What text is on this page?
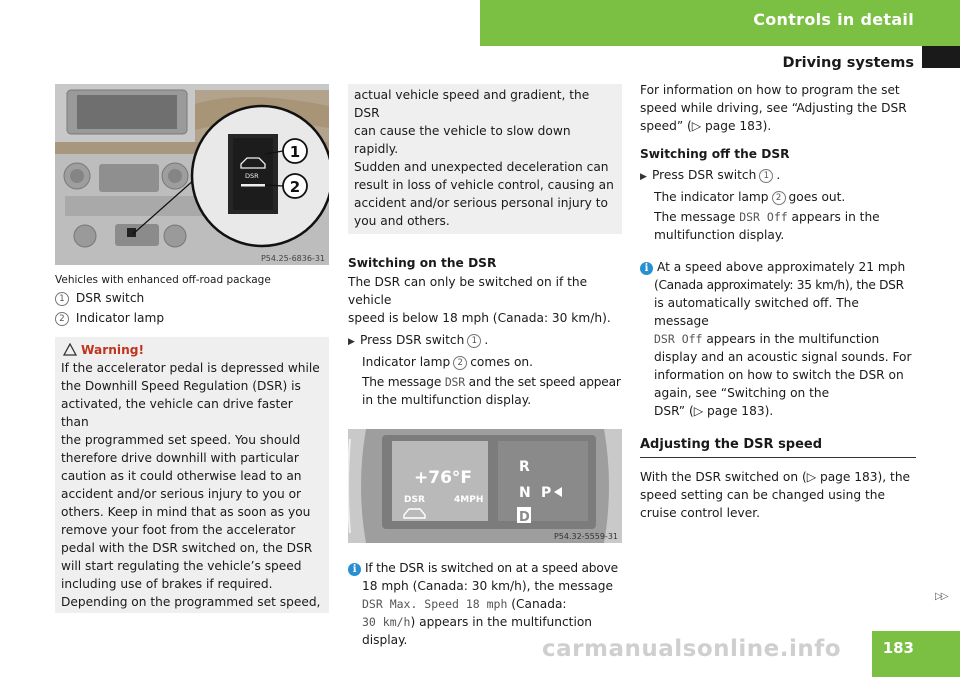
Controls in detail
Driving systems
DSR
1
2
P54.25-6836-31

Vehicles with enhanced off-road package

1 DSR switch

2 Indicator lamp

Warning!

If the accelerator pedal is depressed while

the Downhill Speed Regulation (DSR) is

activated, the vehicle can drive faster than

the programmed set speed. You should

therefore drive downhill with particular

caution as it could otherwise lead to an

accident and/or serious injury to you or

others. Keep in mind that as soon as you

remove your foot from the accelerator

pedal with the DSR switched on, the DSR

will start regulating the vehicle’s speed

including use of brakes if required.

Depending on the programmed set speed,

actual vehicle speed and gradient, the DSR

can cause the vehicle to slow down rapidly.

Sudden and unexpected deceleration can

result in loss of vehicle control, causing an

accident and/or serious personal injury to

you and others.

Switching on the DSR

The DSR can only be switched on if the vehicle

speed is below 18 mph (Canada: 30 km/h).

▶ Press DSR switch 1 .

Indicator lamp 2 comes on.

The message DSR and the set speed appear

in the multifunction display.

+76°F
DSR	4MPH
R
N
D
P
P54.32-5559-31

i If the DSR is switched on at a speed above

18 mph (Canada: 30 km/h), the message

DSR Max. Speed 18 mph (Canada:

30 km/h) appears in the multifunction

display.

For information on how to program the set

speed while driving, see “Adjusting the DSR

speed” (▷ page 183).

Switching off the DSR

▶ Press DSR switch 1 .

The indicator lamp 2 goes out.

The message DSR Off appears in the

multifunction display.

i At a speed above approximately 21 mph

(Canada approximately: 35 km/h), the DSR

is automatically switched off. The message

DSR Off appears in the multifunction

display and an acoustic signal sounds. For

information on how to switch the DSR on

again, see “Switching on the

DSR” (▷ page 183).

Adjusting the DSR speed

With the DSR switched on (▷ page 183), the

speed setting can be changed using the

cruise control lever.

▷▷
carmanualsonline.info	183
